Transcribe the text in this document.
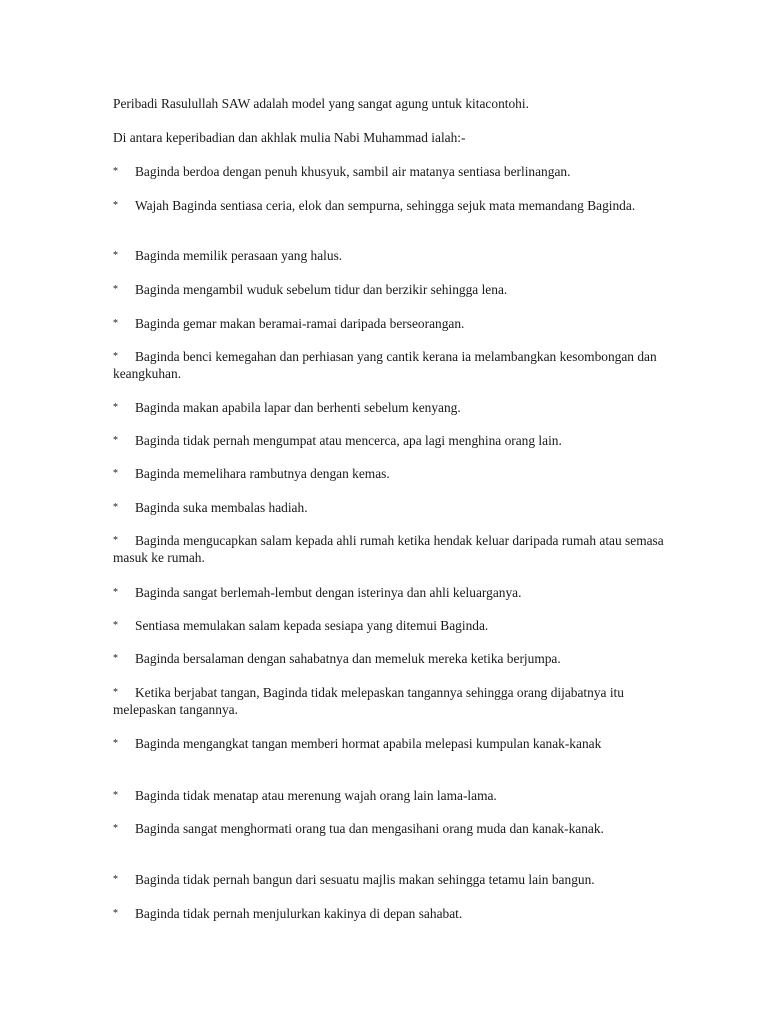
Peribadi Rasulullah SAW adalah model yang sangat agung untuk kitacontohi.

Di antara keperibadian dan akhlak mulia Nabi Muhammad ialah:-

* Baginda berdoa dengan penuh khusyuk, sambil air matanya sentiasa berlinangan.

* Wajah Baginda sentiasa ceria, elok dan sempurna, sehingga sejuk mata memandang Baginda.

* Baginda memilik perasaan yang halus.

* Baginda mengambil wuduk sebelum tidur dan berzikir sehingga lena.

* Baginda gemar makan beramai-ramai daripada berseorangan.

* Baginda benci kemegahan dan perhiasan yang cantik kerana ia melambangkan kesombongan dan keangkuhan.

* Baginda makan apabila lapar dan berhenti sebelum kenyang.

* Baginda tidak pernah mengumpat atau mencerca, apa lagi menghina orang lain.

* Baginda memelihara rambutnya dengan kemas.

* Baginda suka membalas hadiah.

* Baginda mengucapkan salam kepada ahli rumah ketika hendak keluar daripada rumah atau semasa masuk ke rumah.

* Baginda sangat berlemah-lembut dengan isterinya dan ahli keluarganya.

* Sentiasa memulakan salam kepada sesiapa yang ditemui Baginda.

* Baginda bersalaman dengan sahabatnya dan memeluk mereka ketika berjumpa.

* Ketika berjabat tangan, Baginda tidak melepaskan tangannya sehingga orang dijabatnya itu melepaskan tangannya.

* Baginda mengangkat tangan memberi hormat apabila melepasi kumpulan kanak-kanak

* Baginda tidak menatap atau merenung wajah orang lain lama-lama.

* Baginda sangat menghormati orang tua dan mengasihani orang muda dan kanak-kanak.

* Baginda tidak pernah bangun dari sesuatu majlis makan sehingga tetamu lain bangun.

* Baginda tidak pernah menjulurkan kakinya di depan sahabat.
